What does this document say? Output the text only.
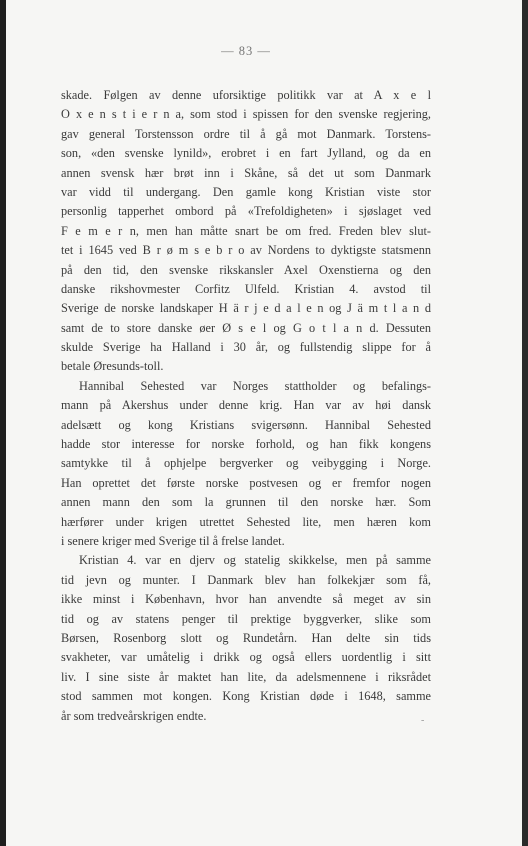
— 83 —
skade. Følgen av denne uforsiktige politikk var at A x e l
O x e n s t i e r n a, som stod i spissen for den svenske regjering,
gav general Torstensson ordre til å gå mot Danmark. Torstens-
son, «den svenske lynild», erobret i en fart Jylland, og da en
annen svensk hær brøt inn i Skåne, så det ut som Danmark
var vidd til undergang. Den gamle kong Kristian viste stor
personlig tapperhet ombord på «Trefoldigheten» i sjøslaget ved
F e m e r n, men han måtte snart be om fred. Freden blev slut-
tet i 1645 ved B r ø m s e b r o av Nordens to dyktigste statsmenn
på den tid, den svenske rikskansler Axel Oxenstierna og den
danske rikshovmester Corfitz Ulfeld. Kristian 4. avstod til
Sverige de norske landskaper H ä r j e d a l e n og J ä m t l a n d
samt de to store danske øer Ø s e l og G o t l a n d. Dessuten
skulde Sverige ha Halland i 30 år, og fullstendig slippe for å
betale Øresunds-toll.
Hannibal Sehested var Norges stattholder og befalings-
mann på Akershus under denne krig. Han var av høi dansk
adelsætt og kong Kristians svigersønn. Hannibal Sehested
hadde stor interesse for norske forhold, og han fikk kongens
samtykke til å ophjelpe bergverker og veibygging i Norge.
Han oprettet det første norske postvesen og er fremfor nogen
annen mann den som la grunnen til den norske hær. Som
hærfører under krigen utrettet Sehested lite, men hæren kom
i senere kriger med Sverige til å frelse landet.
Kristian 4. var en djerv og statelig skikkelse, men på samme
tid jevn og munter. I Danmark blev han folkekjær som få,
ikke minst i København, hvor han anvendte så meget av sin
tid og av statens penger til prektige byggverker, slike som
Børsen, Rosenborg slott og Rundetårn. Han delte sin tids
svakheter, var umåtelig i drikk og også ellers uordentlig i sitt
liv. I sine siste år maktet han lite, da adelsmennene i riksrådet
stod sammen mot kongen. Kong Kristian døde i 1648, samme
år som tredveårskrigen endte.	-
